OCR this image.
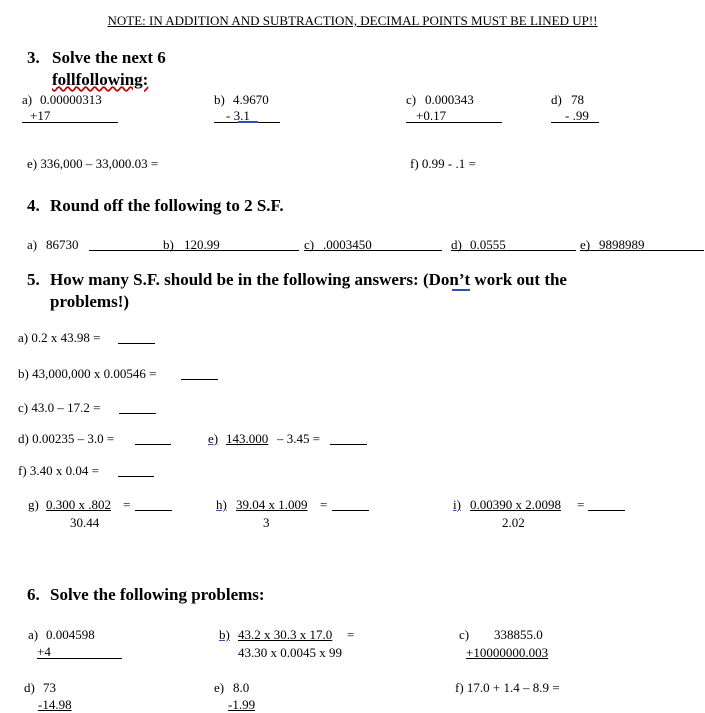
NOTE: IN ADDITION AND SUBTRACTION, DECIMAL POINTS MUST BE LINED UP!!
3. Solve the next 6
follfollowing:
a) 0.00000313
+17
b) 4.9670
- 3.1
c) 0.000343
+0.17
d) 78
- .99
e) 336,000 – 33,000.03 =	f) 0.99 - .1 =
4. Round off the following to 2 S.F.
a) 86730	b) 120.99	c) .0003450	d) 0.0555	e) 9898989
5. How many S.F. should be in the following answers: (Don’t work out the
problems!)
a) 0.2 x 43.98 =
b) 43,000,000 x 0.00546 =
c) 43.0 – 17.2 =
d) 0.00235 – 3.0 =	e) 143.000 – 3.45 =
f) 3.40 x 0.04 =
g) 0.300 x .802 =
30.44
h) 39.04 x 1.009 =
3
i) 0.00390 x 2.0098 =
2.02
6. Solve the following problems:
a) 0.004598
+4
b) 43.2 x 30.3 x 17.0 =
43.30 x 0.0045 x 99
c) 338855.0
+10000000.003
d) 73
-14.98
e) 8.0
-1.99
f) 17.0 + 1.4 – 8.9 =
